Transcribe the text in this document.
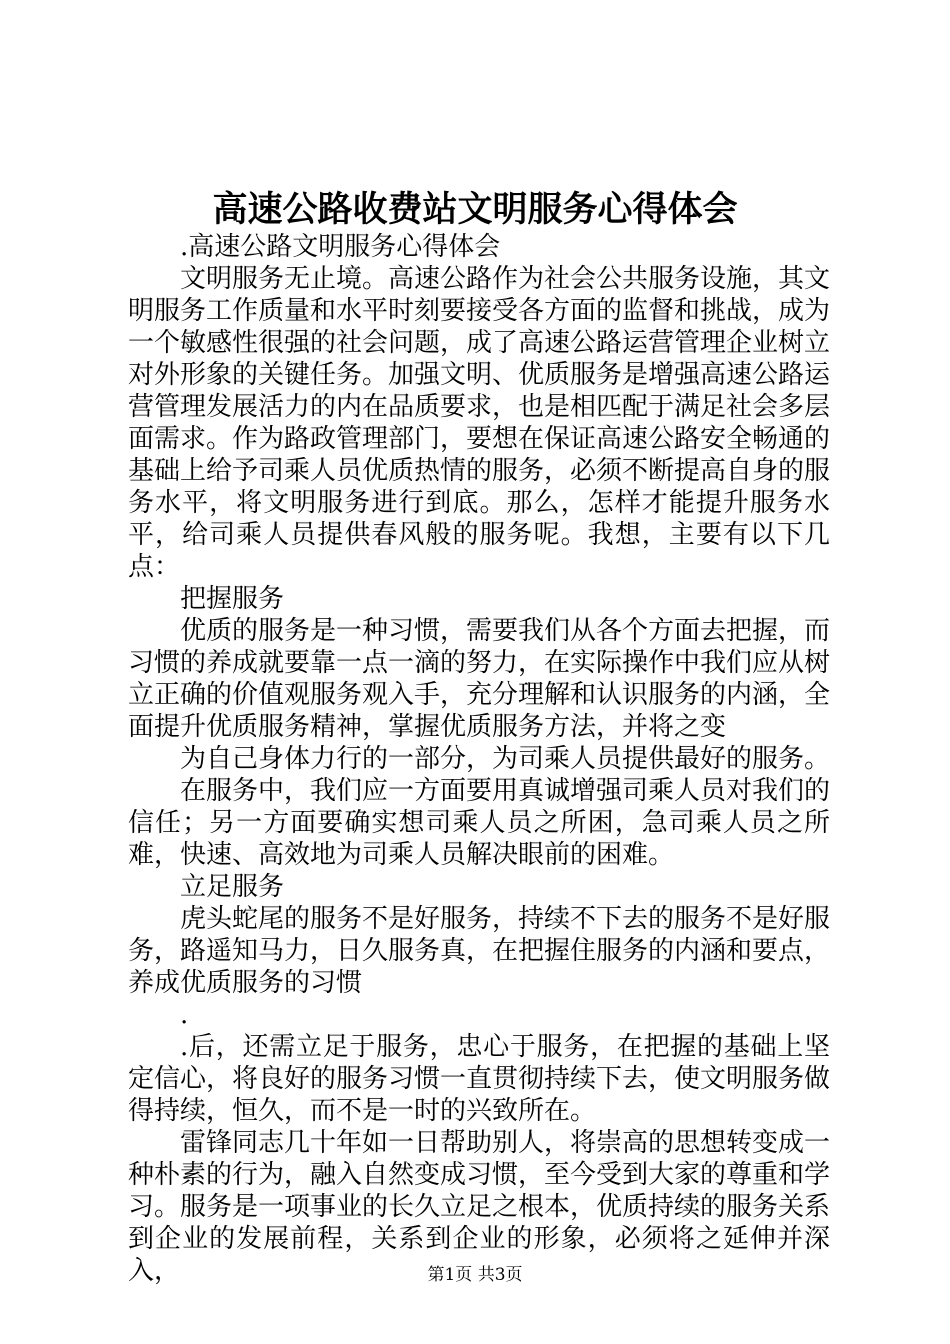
高速公路收费站文明服务心得体会

.高速公路文明服务心得体会

文明服务无止境。高速公路作为社会公共服务设施，其文明服务工作质量和水平时刻要接受各方面的监督和挑战，成为一个敏感性很强的社会问题，成了高速公路运营管理企业树立对外形象的关键任务。加强文明、优质服务是增强高速公路运营管理发展活力的内在品质要求，也是相匹配于满足社会多层面需求。作为路政管理部门，要想在保证高速公路安全畅通的基础上给予司乘人员优质热情的服务，必须不断提高自身的服务水平，将文明服务进行到底。那么，怎样才能提升服务水平，给司乘人员提供春风般的服务呢。我想，主要有以下几点：

把握服务

优质的服务是一种习惯，需要我们从各个方面去把握，而习惯的养成就要靠一点一滴的努力，在实际操作中我们应从树立正确的价值观服务观入手，充分理解和认识服务的内涵，全面提升优质服务精神，掌握优质服务方法，并将之变

为自己身体力行的一部分，为司乘人员提供最好的服务。

在服务中，我们应一方面要用真诚增强司乘人员对我们的信任；另一方面要确实想司乘人员之所困，急司乘人员之所难，快速、高效地为司乘人员解决眼前的困难。

立足服务

虎头蛇尾的服务不是好服务，持续不下去的服务不是好服务，路遥知马力，日久服务真，在把握住服务的内涵和要点，养成优质服务的习惯

.

.后，还需立足于服务，忠心于服务，在把握的基础上坚定信心，将良好的服务习惯一直贯彻持续下去，使文明服务做得持续，恒久，而不是一时的兴致所在。

雷锋同志几十年如一日帮助别人，将崇高的思想转变成一种朴素的行为，融入自然变成习惯，至今受到大家的尊重和学习。服务是一项事业的长久立足之根本，优质持续的服务关系到企业的发展前程，关系到企业的形象，必须将之延伸并深入，	第1页 共3页
